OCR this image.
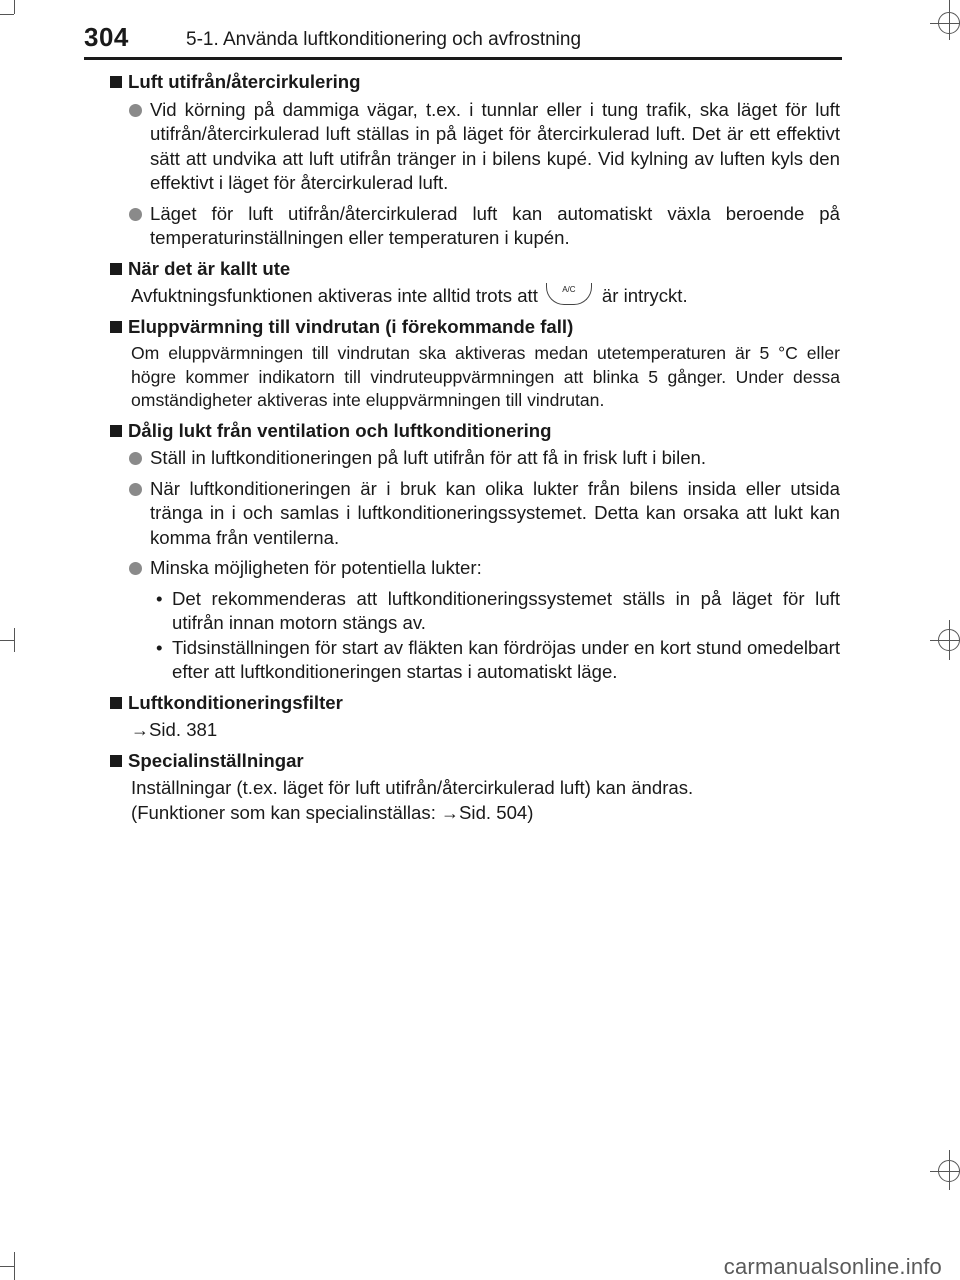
304	5-1. Använda luftkonditionering och avfrostning
Luft utifrån/återcirkulering
Vid körning på dammiga vägar, t.ex. i tunnlar eller i tung trafik, ska läget för luft utifrån/återcirkulerad luft ställas in på läget för återcirkulerad luft. Det är ett effektivt sätt att undvika att luft utifrån tränger in i bilens kupé. Vid kylning av luften kyls den effektivt i läget för återcirkulerad luft.
Läget för luft utifrån/återcirkulerad luft kan automatiskt växla beroende på temperaturinställningen eller temperaturen i kupén.
När det är kallt ute
Avfuktningsfunktionen aktiveras inte alltid trots att	A/C är intryckt.
Eluppvärmning till vindrutan (i förekommande fall)
Om eluppvärmningen till vindrutan ska aktiveras medan utetemperaturen är 5 °C eller högre kommer indikatorn till vindruteuppvärmningen att blinka 5 gånger. Under dessa omständigheter aktiveras inte eluppvärmningen till vindrutan.
Dålig lukt från ventilation och luftkonditionering
Ställ in luftkonditioneringen på luft utifrån för att få in frisk luft i bilen.
När luftkonditioneringen är i bruk kan olika lukter från bilens insida eller utsida tränga in i och samlas i luftkonditioneringssystemet. Detta kan orsaka att lukt kan komma från ventilerna.
Minska möjligheten för potentiella lukter:
• Det rekommenderas att luftkonditioneringssystemet ställs in på läget för luft utifrån innan motorn stängs av.
• Tidsinställningen för start av fläkten kan fördröjas under en kort stund omedelbart efter att luftkonditioneringen startas i automatiskt läge.
Luftkonditioneringsfilter
→Sid. 381
Specialinställningar
Inställningar (t.ex. läget för luft utifrån/återcirkulerad luft) kan ändras.
(Funktioner som kan specialinställas: →Sid. 504)
carmanualsonline.info
